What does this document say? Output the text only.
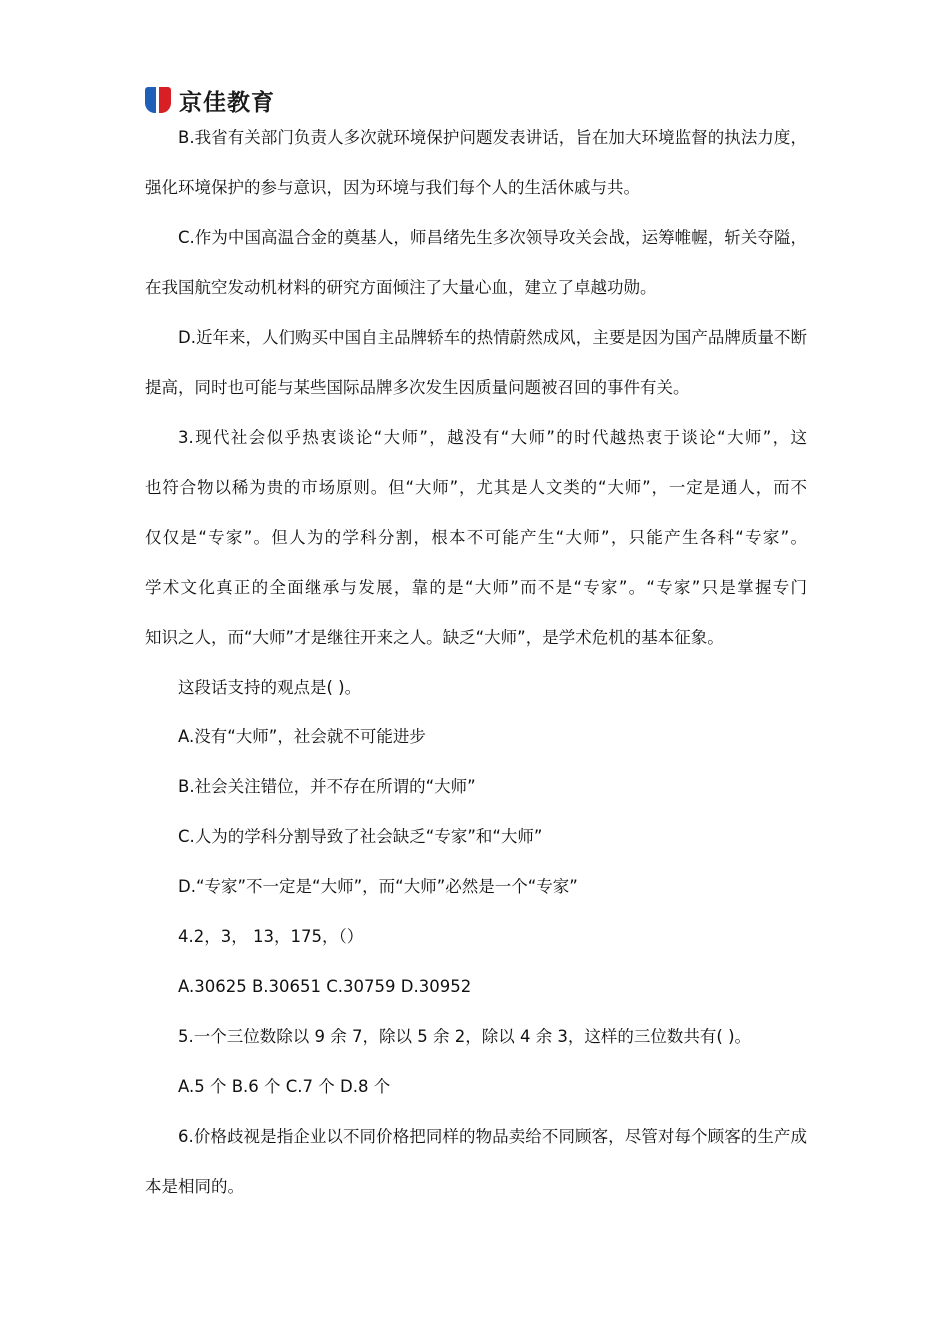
京佳教育
B.我省有关部门负责人多次就环境保护问题发表讲话，旨在加大环境监督的执法力度，
强化环境保护的参与意识，因为环境与我们每个人的生活休戚与共。
C.作为中国高温合金的奠基人，师昌绪先生多次领导攻关会战，运筹帷幄，斩关夺隘，
在我国航空发动机材料的研究方面倾注了大量心血，建立了卓越功勋。
D.近年来，人们购买中国自主品牌轿车的热情蔚然成风，主要是因为国产品牌质量不断
提高，同时也可能与某些国际品牌多次发生因质量问题被召回的事件有关。
3.现代社会似乎热衷谈论“大师”，越没有“大师”的时代越热衷于谈论“大师”，这
也符合物以稀为贵的市场原则。但“大师”，尤其是人文类的“大师”，一定是通人，而不
仅仅是“专家”。但人为的学科分割，根本不可能产生“大师”，只能产生各科“专家”。
学术文化真正的全面继承与发展，靠的是“大师”而不是“专家”。“专家”只是掌握专门
知识之人，而“大师”才是继往开来之人。缺乏“大师”，是学术危机的基本征象。
这段话支持的观点是( )。
A.没有“大师”，社会就不可能进步
B.社会关注错位，并不存在所谓的“大师”
C.人为的学科分割导致了社会缺乏“专家”和“大师”
D.“专家”不一定是“大师”，而“大师”必然是一个“专家”
4.2，3， 13，175，（）
A.30625 B.30651 C.30759 D.30952
5.一个三位数除以 9 余 7，除以 5 余 2，除以 4 余 3，这样的三位数共有( )。
A.5 个 B.6 个 C.7 个 D.8 个
6.价格歧视是指企业以不同价格把同样的物品卖给不同顾客，尽管对每个顾客的生产成
本是相同的。
